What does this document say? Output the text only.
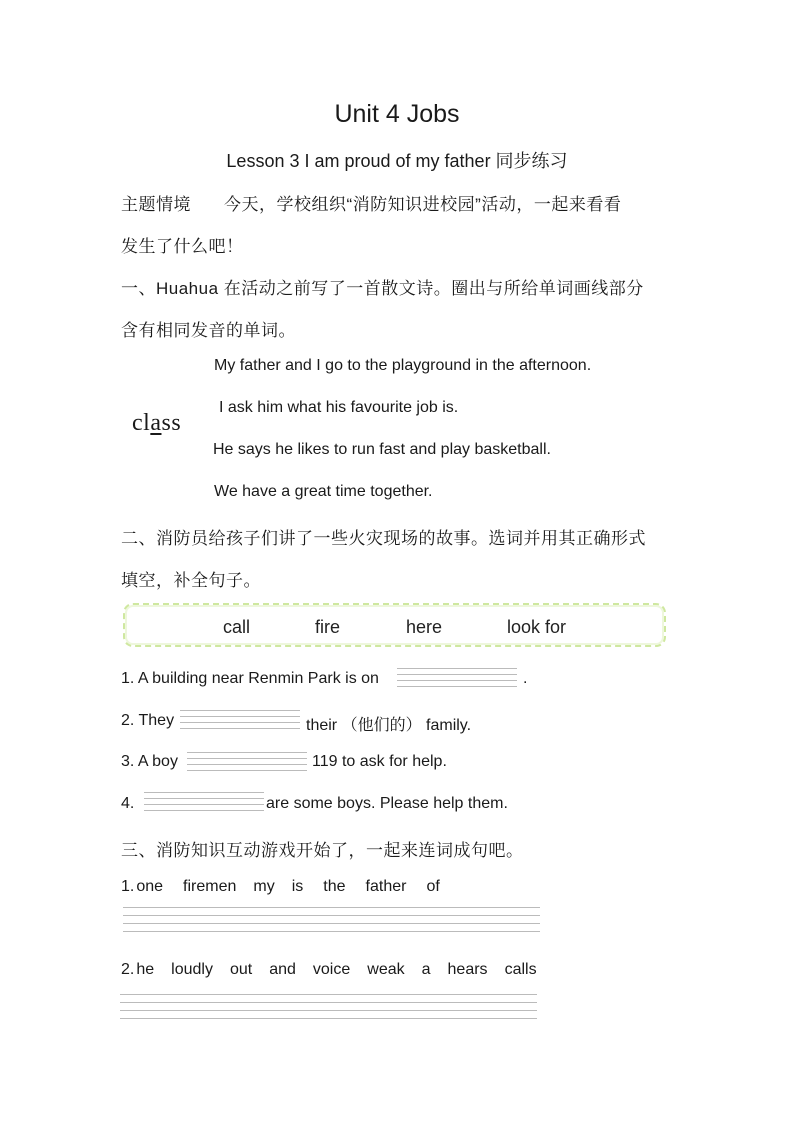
Unit 4 Jobs
Lesson 3 I am proud of my father 同步练习
主题情境 今天，学校组织“消防知识进校园”活动，一起来看看
发生了什么吧！
一、Huahua 在活动之前写了一首散文诗。圈出与所给单词画线部分
含有相同发音的单词。
class
My father and I go to the playground in the afternoon.
I ask him what his favourite job is.
He says he likes to run fast and play basketball.
We have a great time together.
二、消防员给孩子们讲了一些火灾现场的故事。选词并用其正确形式
填空，补全句子。
call	fire	here	look for
1. A building near Renmin Park is on	.
2. They	their （他们的） family.
3. A boy	119 to ask for help.
4.	are some boys. Please help them.
三、消防知识互动游戏开始了，一起来连词成句吧。
1. one firemen my is the father of
2. he loudly out and voice weak a hears calls
